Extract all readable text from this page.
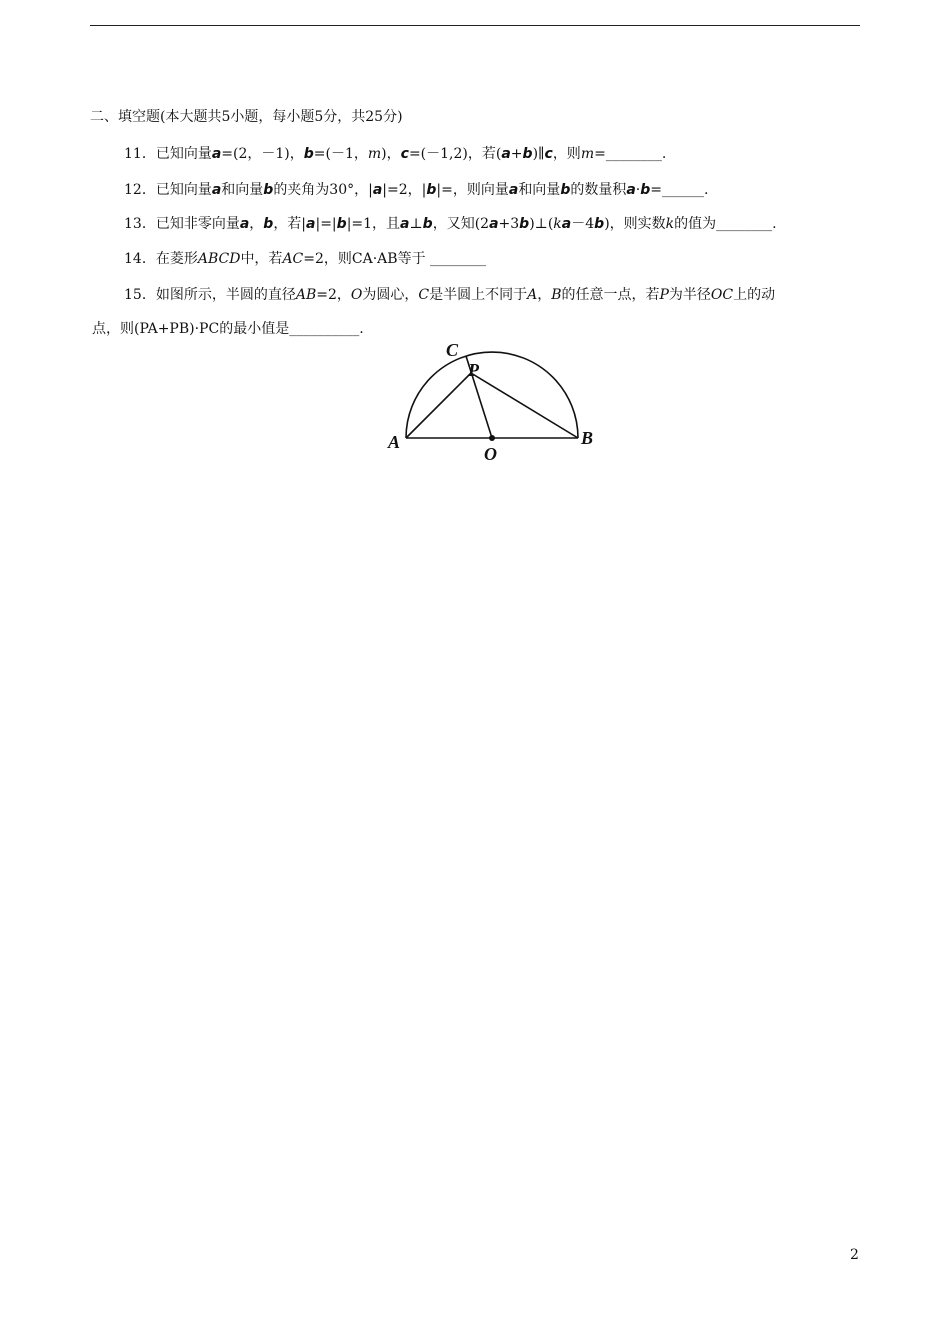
二、填空题(本大题共5小题，每小题5分，共25分)
11．已知向量a=(2，－1)，b=(－1，m)，c=(－1,2)，若(a+b)∥c，则m=________.
12．已知向量a和向量b的夹角为30°，|a|=2，|b|=，则向量a和向量b的数量积a·b=______.
13．已知非零向量a，b，若|a|=|b|=1，且a⊥b，又知(2a+3b)⊥(ka－4b)，则实数k的值为________.
14．在菱形ABCD中，若AC=2，则CA·AB等于 ________
15．如图所示，半圆的直径AB=2，O为圆心，C是半圆上不同于A，B的任意一点，若P为半径OC上的动
点，则(PA+PB)·PC的最小值是__________.
C
P
A
O
B
2
